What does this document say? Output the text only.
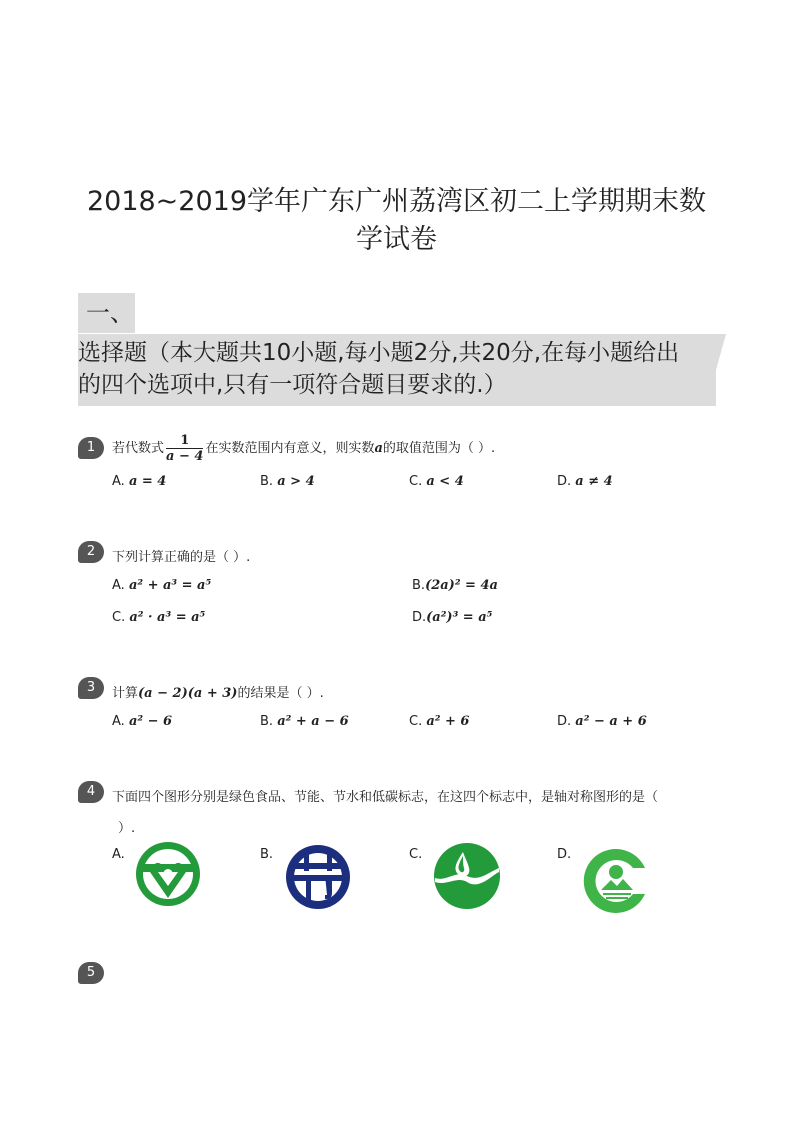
2018~2019学年广东广州荔湾区初二上学期期末数
学试卷
一、
选择题（本大题共10小题,每小题2分,共20分,在每小题给出
的四个选项中,只有一项符合题目要求的.）
1	若代数式 $\frac{1}{a - 4}$ 在实数范围内有意义，则实数a的取值范围为（ ）.
A. a = 4	B. a > 4	C. a < 4	D. a ≠ 4
2	下列计算正确的是（ ）.
A. a² + a³ = a⁵	B.(2a)² = 4a
C. a² · a³ = a⁵	D.(a²)³ = a⁵
3	计算(a − 2)(a + 3)的结果是（ ）.
A. a² − 6	B. a² + a − 6	C. a² + 6	D. a² − a + 6
4	下面四个图形分别是绿色食品、节能、节水和低碳标志，在这四个标志中，是轴对称图形的是（
）.
A.	B.	C.	D.
5
